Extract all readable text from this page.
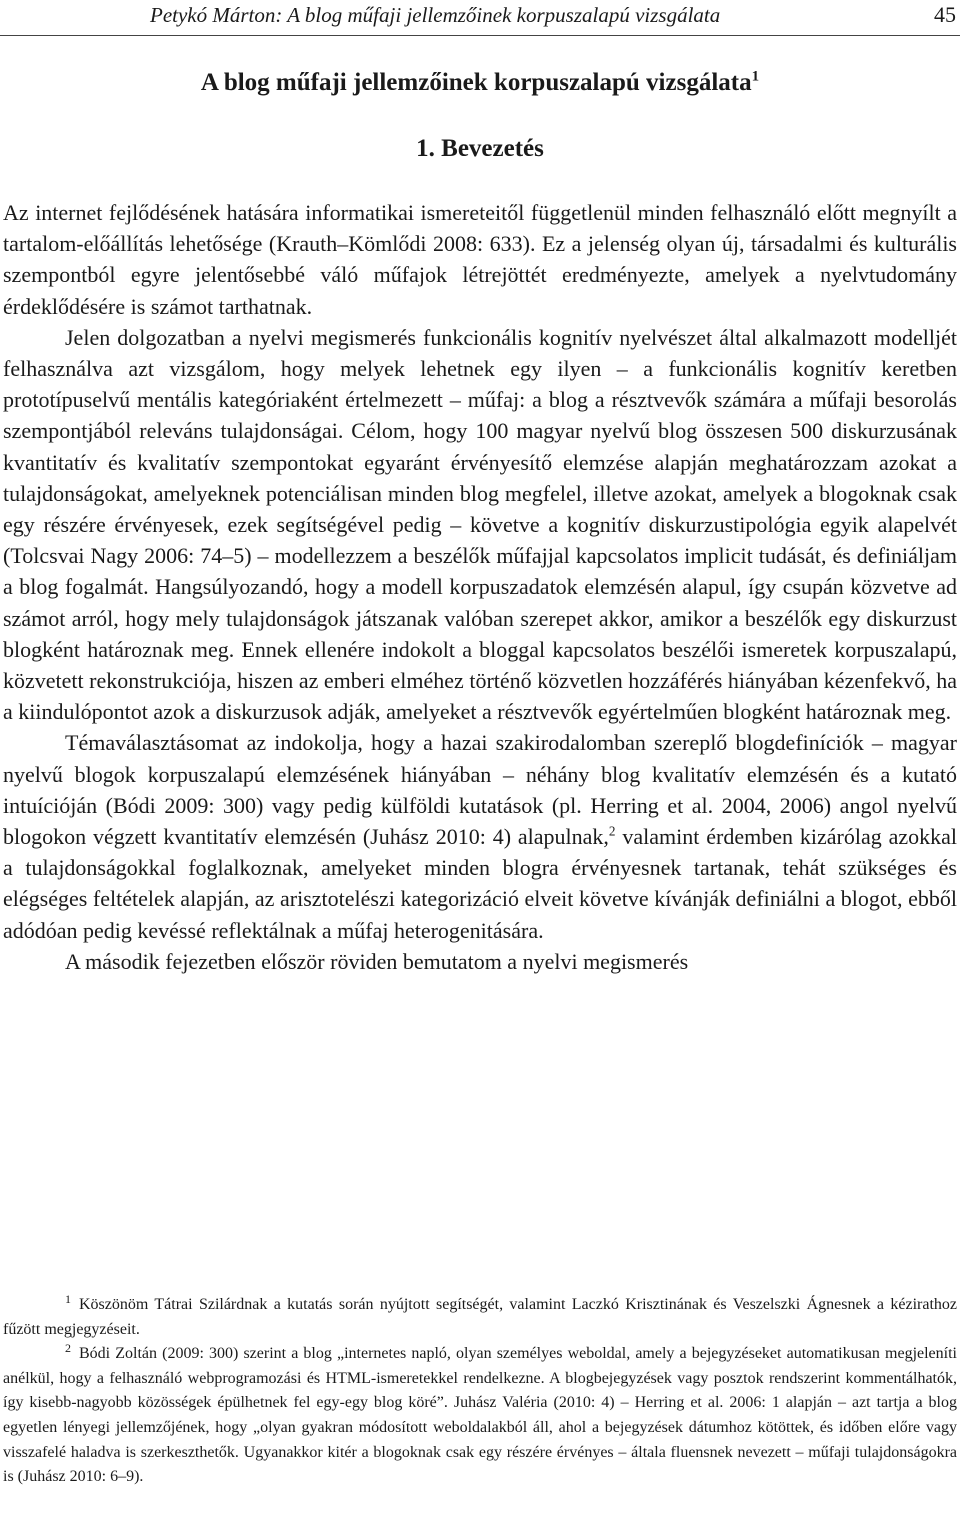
Petykó Márton: A blog műfaji jellemzőinek korpuszalapú vizsgálata	45
A blog műfaji jellemzőinek korpuszalapú vizsgálata$^1$
1. Bevezetés

Az internet fejlődésének hatására informatikai ismereteitől függetlenül minden felhasználó előtt megnyílt a tartalom-előállítás lehetősége (Krauth–Kömlődi 2008: 633). Ez a jelenség olyan új, társadalmi és kulturális szempontból egyre jelentősebbé váló műfajok létrejöttét eredményezte, amelyek a nyelvtudomány érdeklődésére is számot tarthatnak.

Jelen dolgozatban a nyelvi megismerés funkcionális kognitív nyelvészet által alkalmazott modelljét felhasználva azt vizsgálom, hogy melyek lehetnek egy ilyen – a funkcionális kognitív keretben prototípuselvű mentális kategóriaként értelmezett – műfaj: a blog a résztvevők számára a műfaji besorolás szempontjából releváns tulajdonságai. Célom, hogy 100 magyar nyelvű blog összesen 500 diskurzusának kvantitatív és kvalitatív szempontokat egyaránt érvényesítő elemzése alapján meghatározzam azokat a tulajdonságokat, amelyeknek potenciálisan minden blog megfelel, illetve azokat, amelyek a blogoknak csak egy részére érvényesek, ezek segítségével pedig – követve a kognitív diskurzustipológia egyik alapelvét (Tolcsvai Nagy 2006: 74–5) – modellezzem a beszélők műfajjal kapcsolatos implicit tudását, és definiáljam a blog fogalmát. Hangsúlyozandó, hogy a modell korpuszadatok elemzésén alapul, így csupán közvetve ad számot arról, hogy mely tulajdonságok játszanak valóban szerepet akkor, amikor a beszélők egy diskurzust blogként határoznak meg. Ennek ellenére indokolt a bloggal kapcsolatos beszélői ismeretek korpuszalapú, közvetett rekonstrukciója, hiszen az emberi elméhez történő közvetlen hozzáférés hiányában kézenfekvő, ha a kiindulópontot azok a diskurzusok adják, amelyeket a résztvevők egyértelműen blogként határoznak meg.

Témaválasztásomat az indokolja, hogy a hazai szakirodalomban szereplő blogdefiníciók – magyar nyelvű blogok korpuszalapú elemzésének hiányában – néhány blog kvalitatív elemzésén és a kutató intuícióján (Bódi 2009: 300) vagy pedig külföldi kutatások (pl. Herring et al. 2004, 2006) angol nyelvű blogokon végzett kvantitatív elemzésén (Juhász 2010: 4) alapulnak,$^2$ valamint érdemben kizárólag azokkal a tulajdonságokkal foglalkoznak, amelyeket minden blogra érvényesnek tartanak, tehát szükséges és elégséges feltételek alapján, az arisztotelészi kategorizáció elveit követve kívánják definiálni a blogot, ebből adódóan pedig kevéssé reflektálnak a műfaj heterogenitására.

A második fejezetben először röviden bemutatom a nyelvi megismerés

$^1$ Köszönöm Tátrai Szilárdnak a kutatás során nyújtott segítségét, valamint Laczkó Krisztinának és Veszelszki Ágnesnek a kézirathoz fűzött megjegyzéseit.

$^2$ Bódi Zoltán (2009: 300) szerint a blog „internetes napló, olyan személyes weboldal, amely a bejegyzéseket automatikusan megjeleníti anélkül, hogy a felhasználó webprogramozási és HTML-ismeretekkel rendelkezne. A blogbejegyzések vagy posztok rendszerint kommentálhatók, így kisebb-nagyobb közösségek épülhetnek fel egy-egy blog köré”. Juhász Valéria (2010: 4) – Herring et al. 2006: 1 alapján – azt tartja a blog egyetlen lényegi jellemzőjének, hogy „olyan gyakran módosított weboldalakból áll, ahol a bejegyzések dátumhoz kötöttek, és időben előre vagy visszafelé haladva is szerkeszthetők. Ugyanakkor kitér a blogoknak csak egy részére érvényes – általa fluensnek nevezett – műfaji tulajdonságokra is (Juhász 2010: 6–9).
